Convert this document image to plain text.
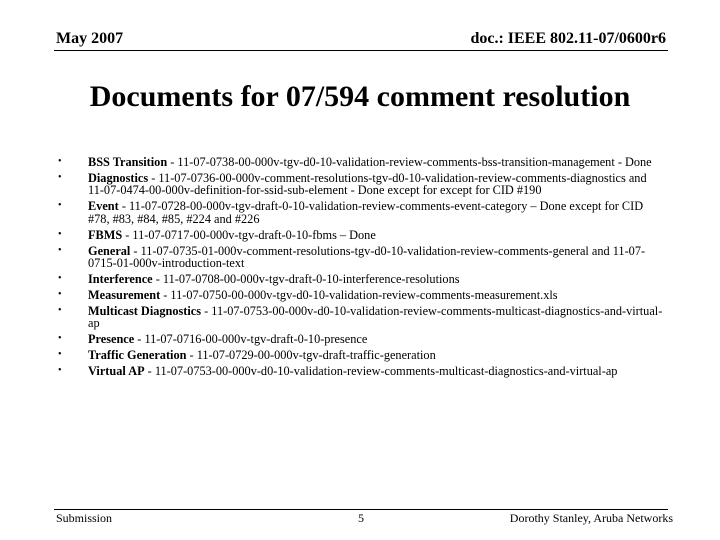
May 2007	doc.: IEEE 802.11-07/0600r6
Documents for 07/594 comment resolution
• BSS Transition - 11-07-0738-00-000v-tgv-d0-10-validation-review-comments-bss-transition-management - Done
• Diagnostics - 11-07-0736-00-000v-comment-resolutions-tgv-d0-10-validation-review-comments-diagnostics and 11-07-0474-00-000v-definition-for-ssid-sub-element - Done except for except for CID #190
• Event - 11-07-0728-00-000v-tgv-draft-0-10-validation-review-comments-event-category – Done except for CID #78, #83, #84, #85, #224 and #226
• FBMS - 11-07-0717-00-000v-tgv-draft-0-10-fbms – Done
• General - 11-07-0735-01-000v-comment-resolutions-tgv-d0-10-validation-review-comments-general and 11-07-0715-01-000v-introduction-text
• Interference - 11-07-0708-00-000v-tgv-draft-0-10-interference-resolutions
• Measurement - 11-07-0750-00-000v-tgv-d0-10-validation-review-comments-measurement.xls
• Multicast Diagnostics - 11-07-0753-00-000v-d0-10-validation-review-comments-multicast-diagnostics-and-virtual-ap
• Presence - 11-07-0716-00-000v-tgv-draft-0-10-presence
• Traffic Generation - 11-07-0729-00-000v-tgv-draft-traffic-generation
• Virtual AP - 11-07-0753-00-000v-d0-10-validation-review-comments-multicast-diagnostics-and-virtual-ap
Submission	5	Dorothy Stanley, Aruba Networks
